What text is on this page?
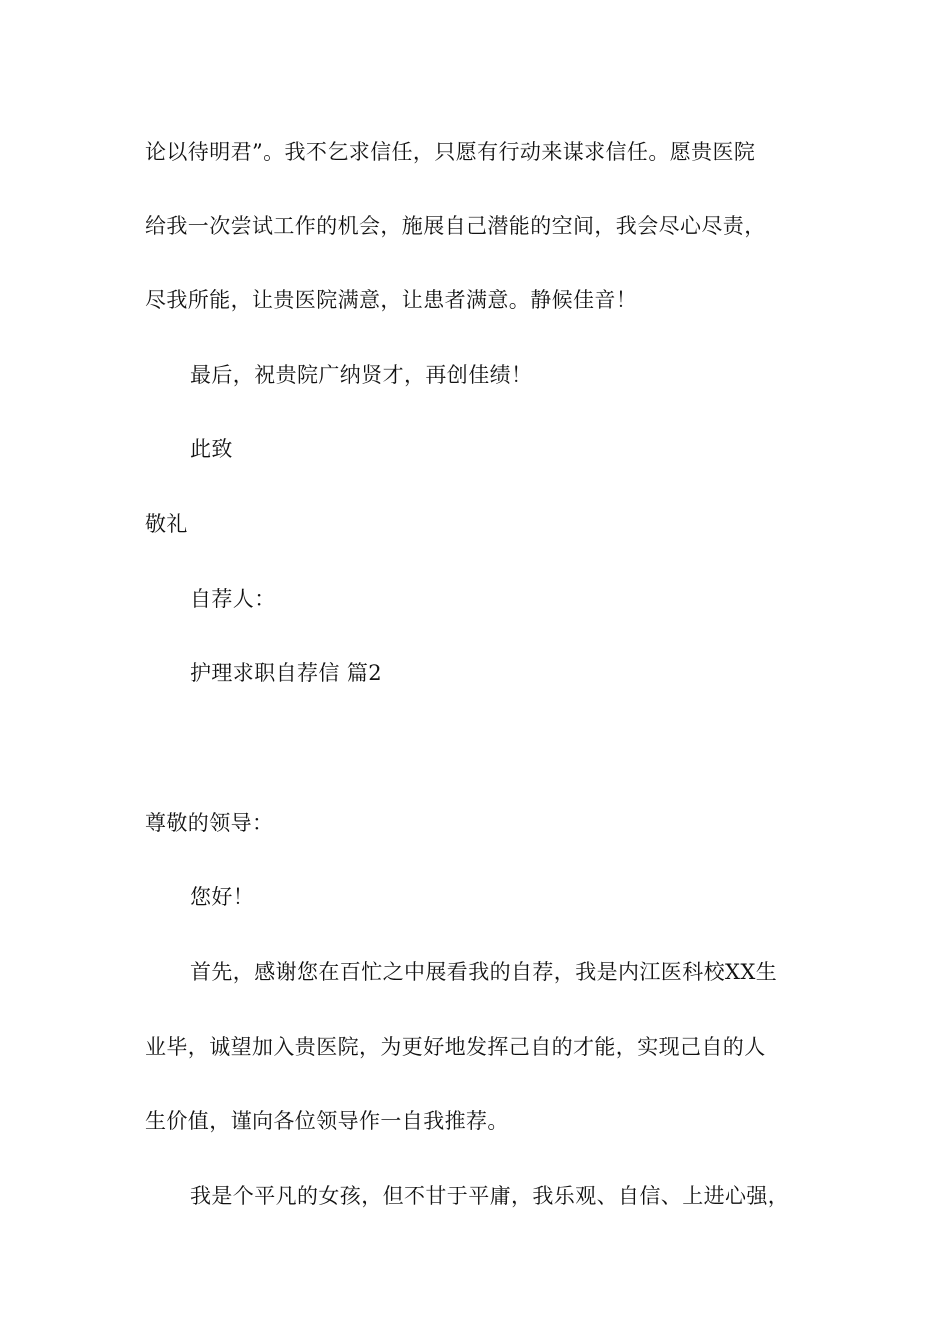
论以待明君”。我不乞求信任，只愿有行动来谋求信任。愿贵医院
给我一次尝试工作的机会，施展自己潜能的空间，我会尽心尽责，
尽我所能，让贵医院满意，让患者满意。静候佳音！
最后，祝贵院广纳贤才，再创佳绩！
此致
敬礼
自荐人：
护理求职自荐信 篇2
尊敬的领导：
您好！
首先，感谢您在百忙之中展看我的自荐，我是内江医科校XX生
业毕，诚望加入贵医院，为更好地发挥己自的才能，实现己自的人
生价值，谨向各位领导作一自我推荐。
我是个平凡的女孩，但不甘于平庸，我乐观、自信、上进心强，
